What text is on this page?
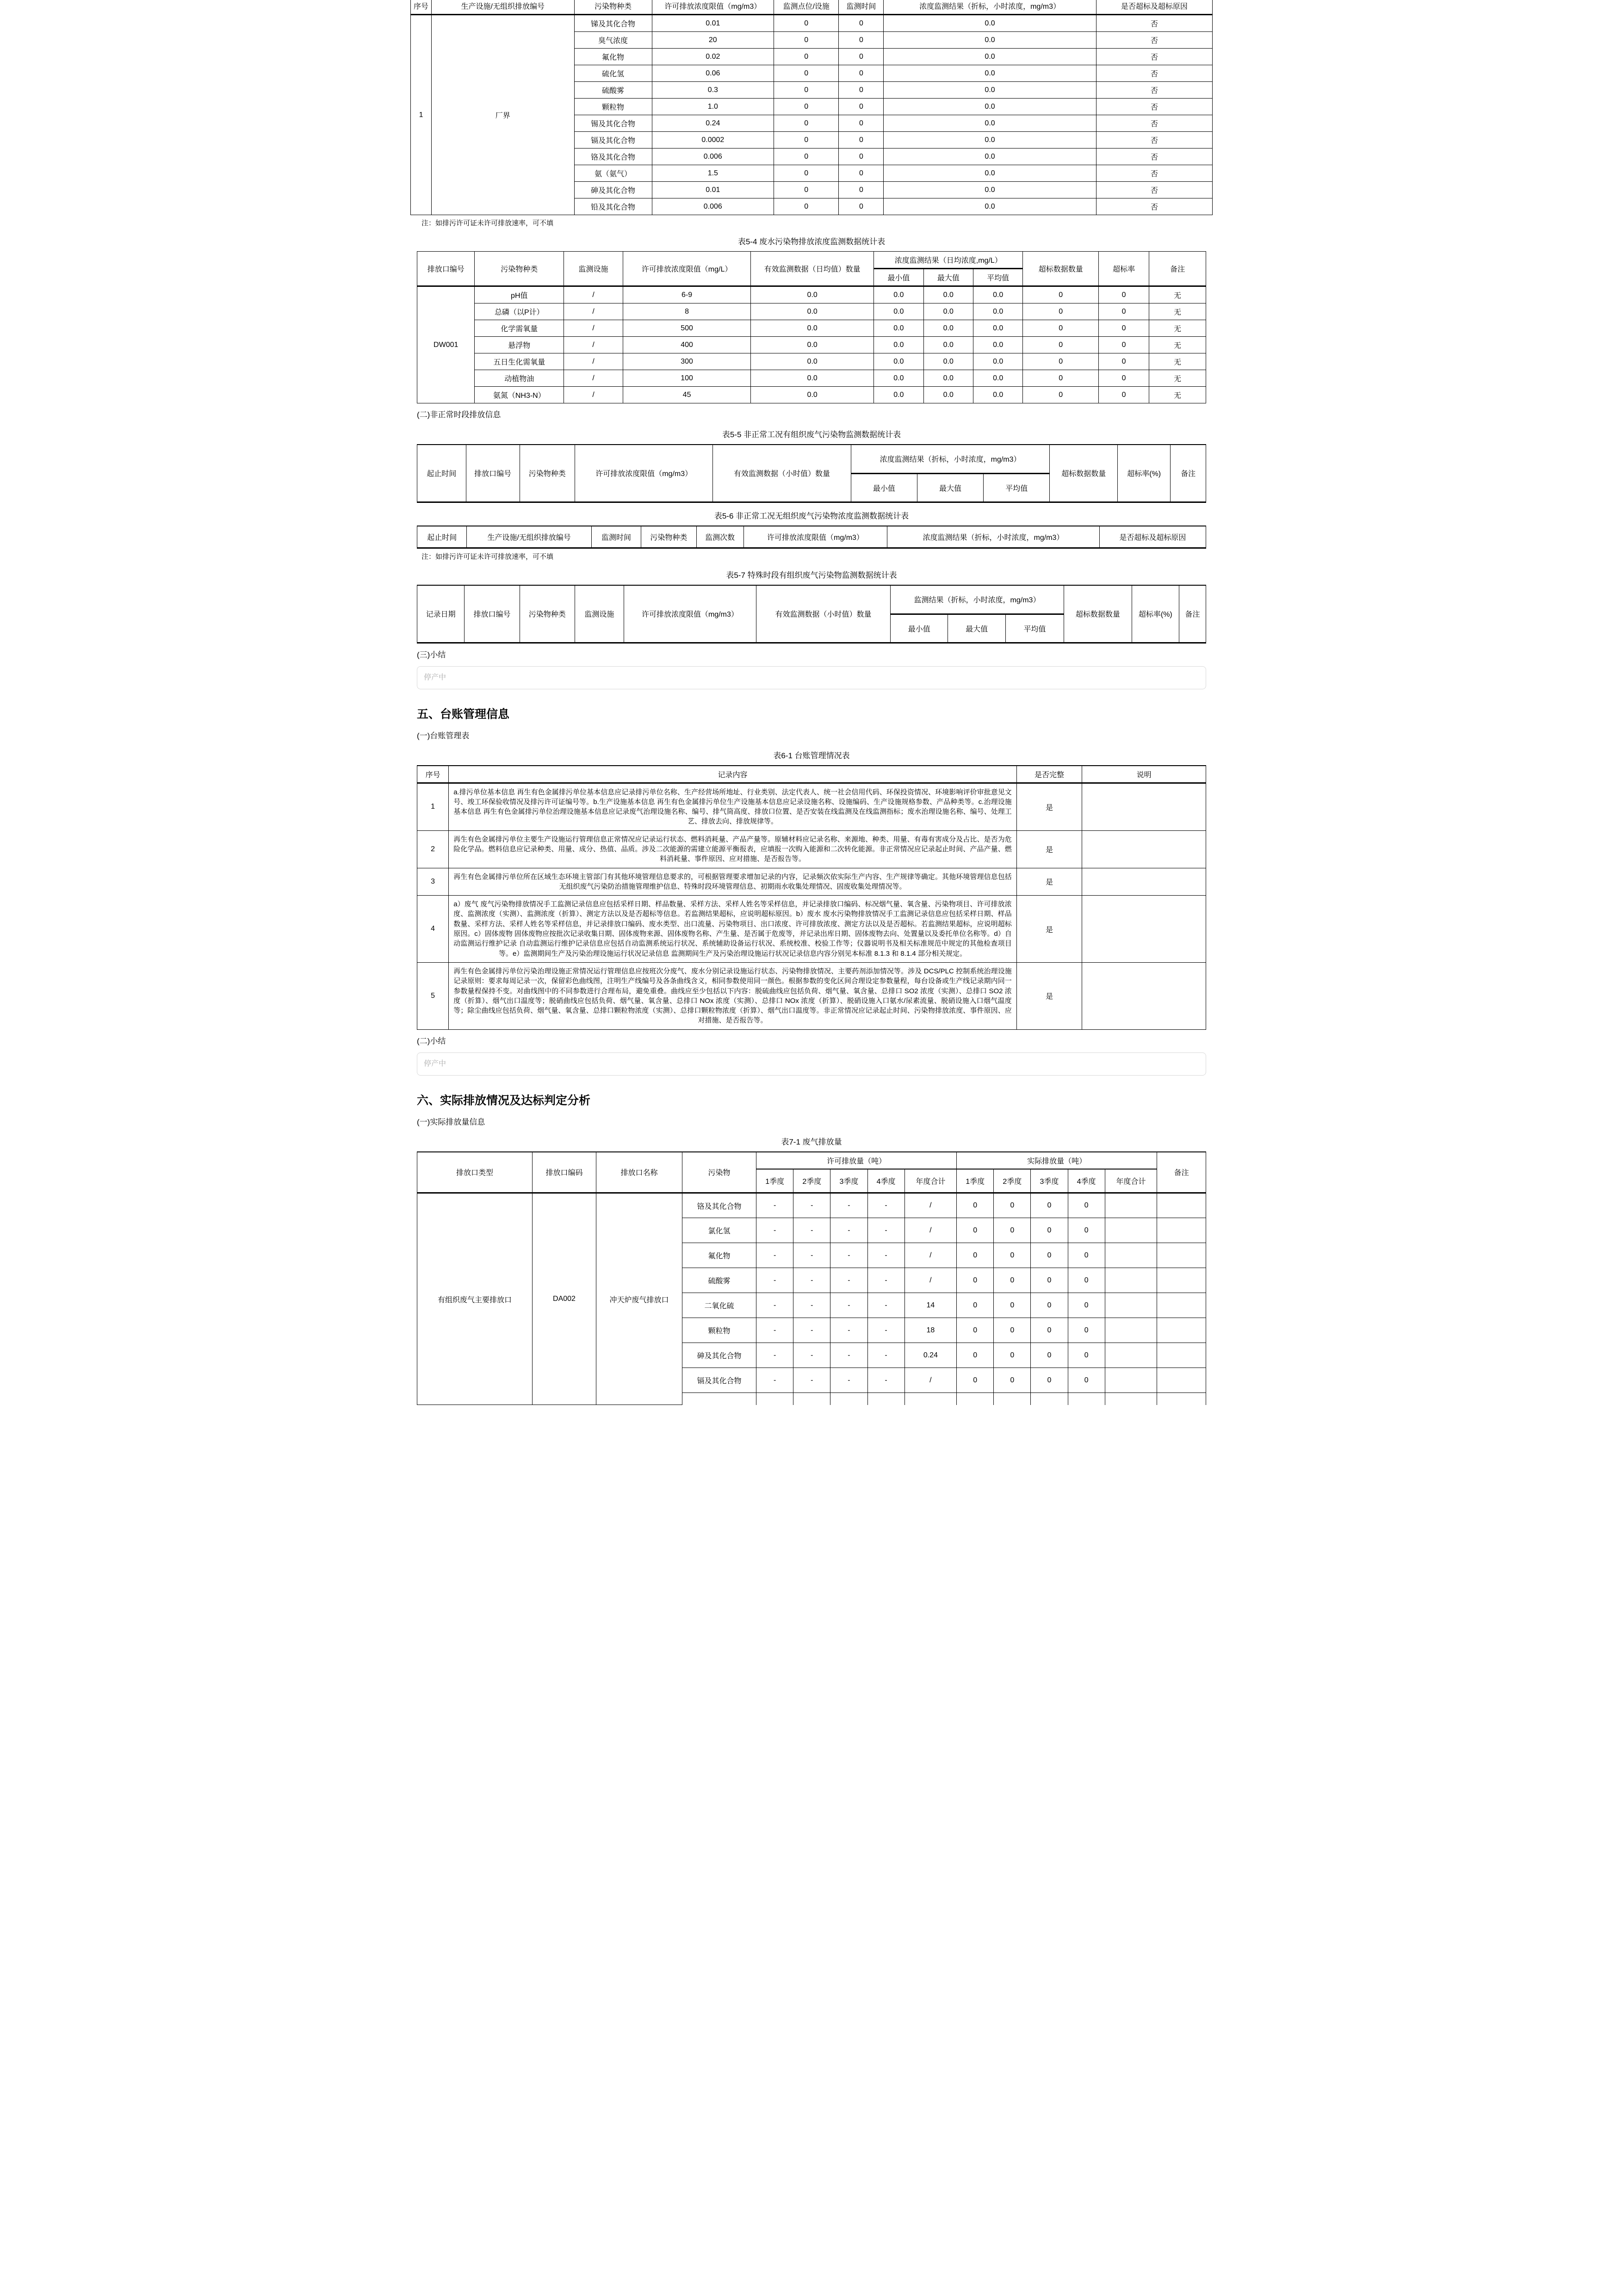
序号	生产设施/无组织排放编号	污染物种类	许可排放浓度限值（mg/m3）	监测点位/设施	监测时间	浓度监测结果（折标，小时浓度，mg/m3）	是否超标及超标原因
1	厂界	锑及其化合物	0.01	0	0	0.0	否
		臭气浓度	20	0	0	0.0	否
		氟化物	0.02	0	0	0.0	否
		硫化氢	0.06	0	0	0.0	否
		硫酸雾	0.3	0	0	0.0	否
		颗粒物	1.0	0	0	0.0	否
		锡及其化合物	0.24	0	0	0.0	否
		镉及其化合物	0.0002	0	0	0.0	否
		铬及其化合物	0.006	0	0	0.0	否
		氨（氨气）	1.5	0	0	0.0	否
		砷及其化合物	0.01	0	0	0.0	否
		铅及其化合物	0.006	0	0	0.0	否
注：如排污许可证未许可排放速率，可不填
表5-4 废水污染物排放浓度监测数据统计表
排放口编号	污染物种类	监测设施	许可排放浓度限值（mg/L）	有效监测数据（日均值）数量	浓度监测结果（日均浓度,mg/L）			超标数据数量	超标率	备注
					最小值	最大值	平均值			
DW001	pH值	/	6-9	0.0	0.0	0.0	0.0	0	0	无
	总磷（以P计）	/	8	0.0	0.0	0.0	0.0	0	0	无
	化学需氧量	/	500	0.0	0.0	0.0	0.0	0	0	无
	悬浮物	/	400	0.0	0.0	0.0	0.0	0	0	无
	五日生化需氧量	/	300	0.0	0.0	0.0	0.0	0	0	无
	动植物油	/	100	0.0	0.0	0.0	0.0	0	0	无
	氨氮（NH3-N）	/	45	0.0	0.0	0.0	0.0	0	0	无
(二)非正常时段排放信息
表5-5 非正常工况有组织废气污染物监测数据统计表
起止时间	排放口编号	污染物种类	许可排放浓度限值（mg/m3）	有效监测数据（小时值）数量	浓度监测结果（折标，小时浓度，mg/m3）			超标数据数量	超标率(%)	备注
					最小值	最大值	平均值			
表5-6 非正常工况无组织废气污染物浓度监测数据统计表
起止时间	生产设施/无组织排放编号	监测时间	污染物种类	监测次数	许可排放浓度限值（mg/m3）	浓度监测结果（折标，小时浓度，mg/m3）	是否超标及超标原因
注：如排污许可证未许可排放速率，可不填
表5-7 特殊时段有组织废气污染物监测数据统计表
记录日期	排放口编号	污染物种类	监测设施	许可排放浓度限值（mg/m3）	有效监测数据（小时值）数量	监测结果（折标，小时浓度，mg/m3）			超标数据数量	超标率(%)	备注
						最小值	最大值	平均值			
(三)小结
停产中
五、台账管理信息
(一)台账管理表
表6-1 台账管理情况表
序号	记录内容	是否完整	说明
1	a.排污单位基本信息 再生有色金属排污单位基本信息应记录排污单位名称、生产经营场所地址、行业类别、法定代表人、统一社会信用代码、环保投资情况、环境影响评价审批意见文号、竣工环保验收情况及排污许可证编号等。b.生产设施基本信息 再生有色金属排污单位生产设施基本信息应记录设施名称、设施编码、生产设施规格参数、产品种类等。c.治理设施基本信息 再生有色金属排污单位治理设施基本信息应记录废气治理设施名称、编号、排气筒高度、排放口位置、是否安装在线监测及在线监测指标；废水治理设施名称、编号、处理工艺、排放去向、排放规律等。	是	
2	再生有色金属排污单位主要生产设施运行管理信息正常情况应记录运行状态、燃料消耗量、产品产量等。原辅材料应记录名称、来源地、种类、用量、有毒有害成分及占比、是否为危险化学品。燃料信息应记录种类、用量、成分、热值、品质。涉及二次能源的需建立能源平衡报表，应填报一次购入能源和二次转化能源。非正常情况应记录起止时间、产品产量、燃料消耗量、事件原因、应对措施、是否报告等。	是	
3	再生有色金属排污单位所在区域生态环境主管部门有其他环境管理信息要求的，可根据管理要求增加记录的内容，记录频次依实际生产内容、生产规律等确定。其他环境管理信息包括无组织废气污染防治措施管理维护信息、特殊时段环境管理信息、初期雨水收集处理情况、固废收集处理情况等。	是	
4	a）废气 废气污染物排放情况手工监测记录信息应包括采样日期、样品数量、采样方法、采样人姓名等采样信息，并记录排放口编码、标况烟气量、氧含量、污染物项目、许可排放浓度、监测浓度（实测）、监测浓度（折算）、测定方法以及是否超标等信息。若监测结果超标，应说明超标原因。b）废水 废水污染物排放情况手工监测记录信息应包括采样日期、样品数量、采样方法、采样人姓名等采样信息，并记录排放口编码、废水类型、出口流量、污染物项目、出口浓度、许可排放浓度、测定方法以及是否超标。若监测结果超标，应说明超标原因。c）固体废物 固体废物应按批次记录收集日期、固体废物来源、固体废物名称、产生量、是否属于危废等，并记录出库日期、固体废物去向、处置量以及委托单位名称等。d）自动监测运行维护记录 自动监测运行维护记录信息应包括自动监测系统运行状况、系统辅助设备运行状况、系统校准、校验工作等；仪器说明书及相关标准规范中规定的其他检查项目等。e）监测期间生产及污染治理设施运行状况记录信息 监测期间生产及污染治理设施运行状况记录信息内容分别见本标准 8.1.3 和 8.1.4 部分相关规定。	是	
5	再生有色金属排污单位污染治理设施正常情况运行管理信息应按班次分废气、废水分别记录设施运行状态、污染物排放情况、主要药剂添加情况等。涉及 DCS/PLC 控制系统治理设施记录原则：要求每周记录一次，保留彩色曲线图，注明生产线编号及各条曲线含义，相同参数使用同一颜色。根据参数的变化区间合理设定参数量程，每台设备或生产线记录期内同一参数量程保持不变。对曲线图中的不同参数进行合理布局，避免重叠。曲线应至少包括以下内容：脱硫曲线应包括负荷、烟气量、氧含量、总排口 SO2 浓度（实测）、总排口 SO2 浓度（折算）、烟气出口温度等；脱硝曲线应包括负荷、烟气量、氧含量、总排口 NOx 浓度（实测）、总排口 NOx 浓度（折算）、脱硝设施入口氨水/尿素流量、脱硝设施入口烟气温度等；除尘曲线应包括负荷、烟气量、氧含量、总排口颗粒物浓度（实测）、总排口颗粒物浓度（折算）、烟气出口温度等。非正常情况应记录起止时间、污染物排放浓度、事件原因、应对措施、是否报告等。	是	
(二)小结
停产中
六、实际排放情况及达标判定分析
(一)实际排放量信息
表7-1 废气排放量
排放口类型	排放口编码	排放口名称	污染物	许可排放量（吨）					实际排放量（吨）					备注
				1季度	2季度	3季度	4季度	年度合计	1季度	2季度	3季度	4季度	年度合计	
有组织废气主要排放口	DA002	冲天炉废气排放口	铬及其化合物	-	-	-	-	/	0	0	0	0		
			氯化氢	-	-	-	-	/	0	0	0	0		
			氟化物	-	-	-	-	/	0	0	0	0		
			硫酸雾	-	-	-	-	/	0	0	0	0		
			二氧化硫	-	-	-	-	14	0	0	0	0		
			颗粒物	-	-	-	-	18	0	0	0	0		
			砷及其化合物	-	-	-	-	0.24	0	0	0	0		
			镉及其化合物	-	-	-	-	/	0	0	0	0		
